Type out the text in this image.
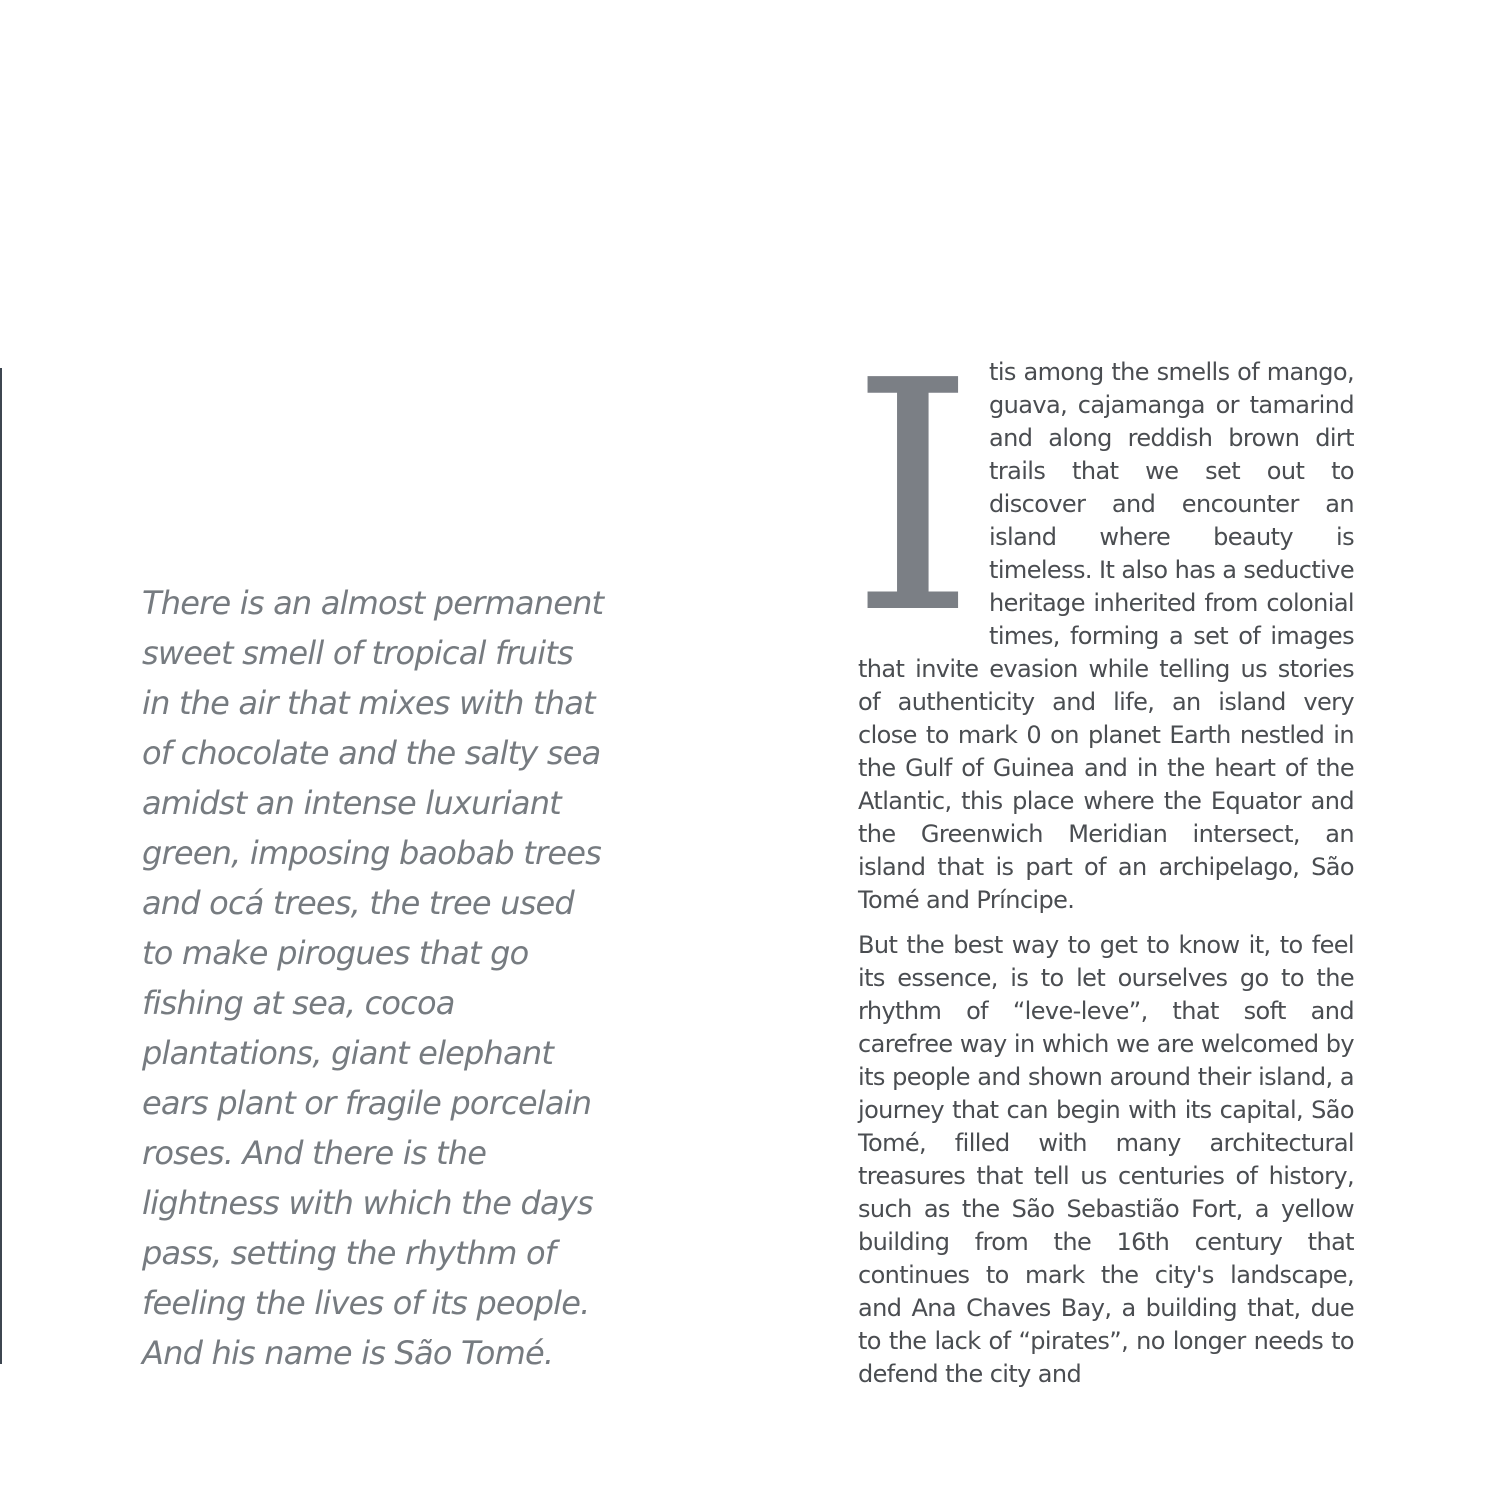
There is an almost permanent
sweet smell of tropical fruits
in the air that mixes with that
of chocolate and the salty sea
amidst an intense luxuriant
green, imposing baobab trees
and ocá trees, the tree used
to make pirogues that go
fishing at sea, cocoa
plantations, giant elephant
ears plant or fragile porcelain
roses. And there is the
lightness with which the days
pass, setting the rhythm of
feeling the lives of its people.
And his name is São Tomé.

Itis among the smells of mango, guava, cajamanga or tamarind and along reddish brown dirt trails that we set out to discover and encounter an island where beauty is timeless. It also has a seductive heritage inherited from colonial times, forming a set of images that invite evasion while telling us stories of authenticity and life, an island very close to mark 0 on planet Earth nestled in the Gulf of Guinea and in the heart of the Atlantic, this place where the Equator and the Greenwich Meridian intersect, an island that is part of an archipelago, São Tomé and Príncipe.

But the best way to get to know it, to feel its essence, is to let ourselves go to the rhythm of “leve-leve”, that soft and carefree way in which we are welcomed by its people and shown around their island, a journey that can begin with its capital, São Tomé, filled with many architectural treasures that tell us centuries of history, such as the São Sebastião Fort, a yellow building from the 16th century that continues to mark the city's landscape, and Ana Chaves Bay, a building that, due to the lack of “pirates”, no longer needs to defend the city and
